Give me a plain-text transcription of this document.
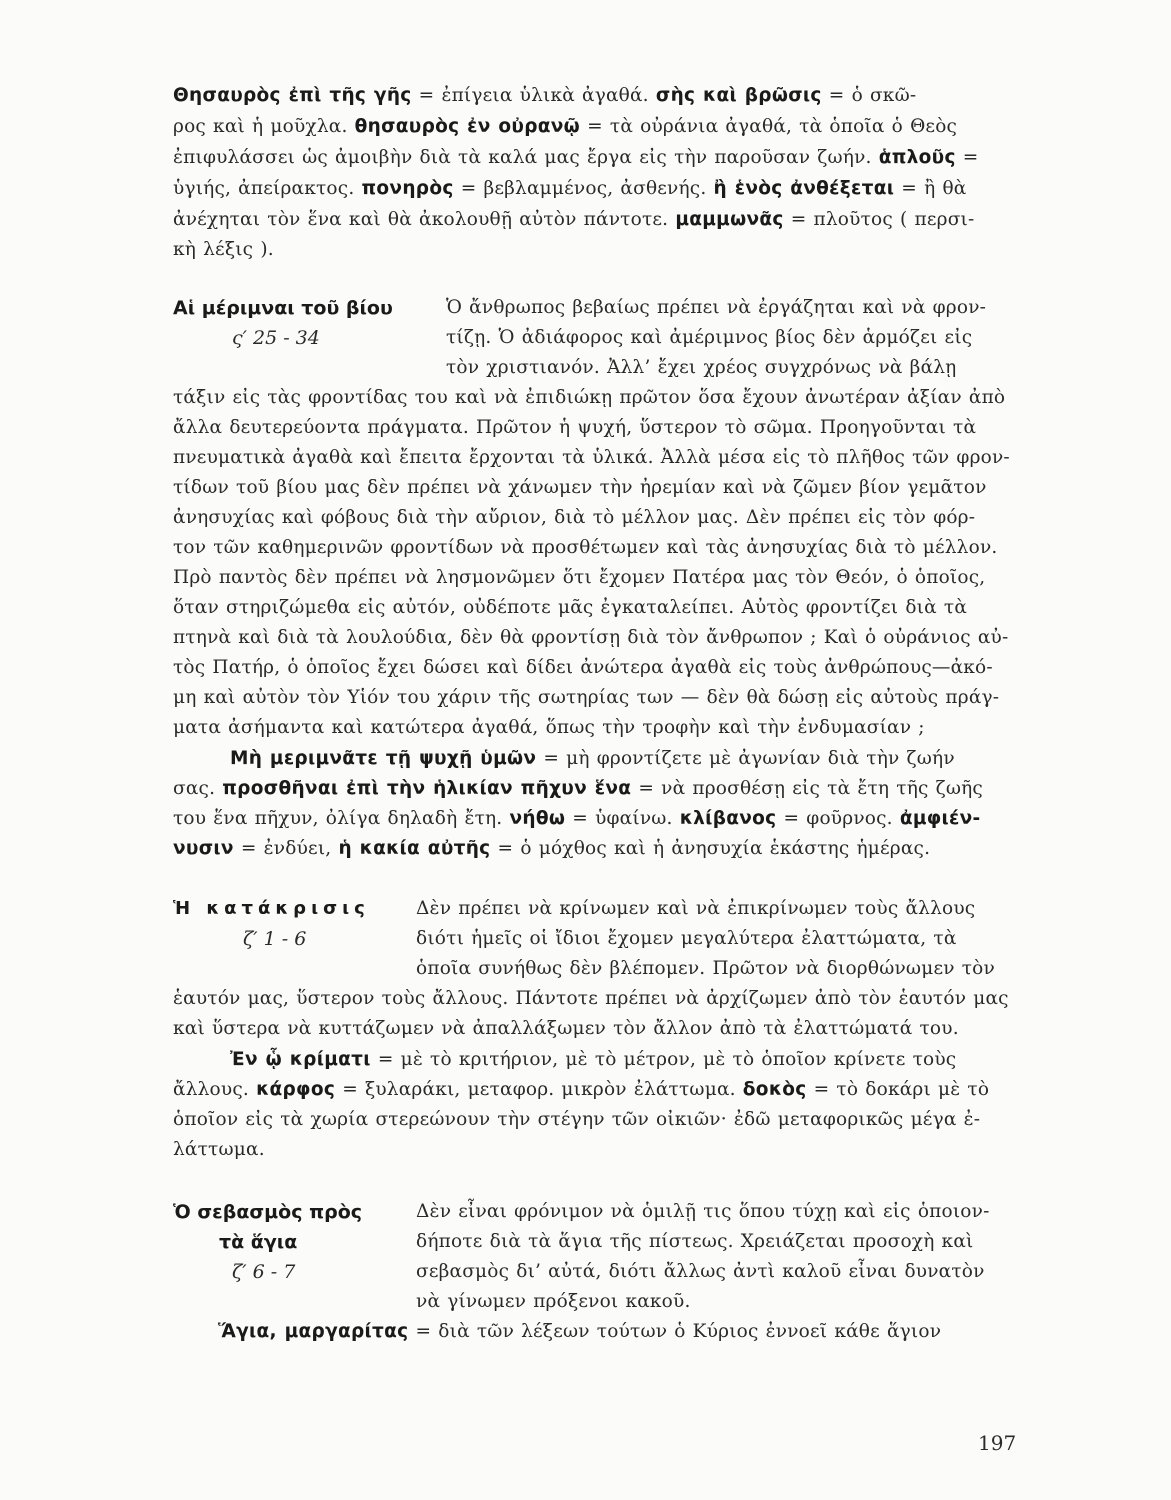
Θησαυρὸς ἐπὶ τῆς γῆς = ἐπίγεια ὑλικὰ ἀγαθά. σὴς καὶ βρῶσις = ὁ σκῶ-
ρος καὶ ἡ μοῦχλα. θησαυρὸς ἐν οὐρανῷ = τὰ οὐράνια ἀγαθά, τὰ ὁποῖα ὁ Θεὸς
ἐπιφυλάσσει ὡς ἀμοιβὴν διὰ τὰ καλά μας ἔργα εἰς τὴν παροῦσαν ζωήν. ἁπλοῦς =
ὑγιής, ἀπείρακτος. πονηρὸς = βεβλαμμένος, ἀσθενής. ἢ ἑνὸς ἀνθέξεται = ἢ θὰ
ἀνέχηται τὸν ἕνα καὶ θὰ ἀκολουθῇ αὐτὸν πάντοτε. μαμμωνᾶς = πλοῦτος ( περσι-
κὴ λέξις ).
Αἱ μέριμναι τοῦ βίου
ς′ 25 - 34
Ὁ ἄνθρωπος βεβαίως πρέπει νὰ ἐργάζηται καὶ νὰ φρον-
τίζῃ. Ὁ ἀδιάφορος καὶ ἀμέριμνος βίος δὲν ἁρμόζει εἰς
τὸν χριστιανόν. Ἀλλ’ ἔχει χρέος συγχρόνως νὰ βάλῃ
τάξιν εἰς τὰς φροντίδας του καὶ νὰ ἐπιδιώκῃ πρῶτον ὅσα ἔχουν ἀνωτέραν ἀξίαν ἀπὸ
ἄλλα δευτερεύοντα πράγματα. Πρῶτον ἡ ψυχή, ὕστερον τὸ σῶμα. Προηγοῦνται τὰ
πνευματικὰ ἀγαθὰ καὶ ἔπειτα ἔρχονται τὰ ὑλικά. Ἀλλὰ μέσα εἰς τὸ πλῆθος τῶν φρον-
τίδων τοῦ βίου μας δὲν πρέπει νὰ χάνωμεν τὴν ἠρεμίαν καὶ νὰ ζῶμεν βίον γεμᾶτον
ἀνησυχίας καὶ φόβους διὰ τὴν αὔριον, διὰ τὸ μέλλον μας. Δὲν πρέπει εἰς τὸν φόρ-
τον τῶν καθημερινῶν φροντίδων νὰ προσθέτωμεν καὶ τὰς ἀνησυχίας διὰ τὸ μέλλον.
Πρὸ παντὸς δὲν πρέπει νὰ λησμονῶμεν ὅτι ἔχομεν Πατέρα μας τὸν Θεόν, ὁ ὁποῖος,
ὅταν στηριζώμεθα εἰς αὐτόν, οὐδέποτε μᾶς ἐγκαταλείπει. Αὐτὸς φροντίζει διὰ τὰ
πτηνὰ καὶ διὰ τὰ λουλούδια, δὲν θὰ φροντίσῃ διὰ τὸν ἄνθρωπον ; Καὶ ὁ οὐράνιος αὐ-
τὸς Πατήρ, ὁ ὁποῖος ἔχει δώσει καὶ δίδει ἀνώτερα ἀγαθὰ εἰς τοὺς ἀνθρώπους—ἀκό-
μη καὶ αὐτὸν τὸν Υἱόν του χάριν τῆς σωτηρίας των — δὲν θὰ δώσῃ εἰς αὐτοὺς πράγ-
ματα ἀσήμαντα καὶ κατώτερα ἀγαθά, ὅπως τὴν τροφὴν καὶ τὴν ἐνδυμασίαν ;
Μὴ μεριμνᾶτε τῇ ψυχῇ ὑμῶν = μὴ φροντίζετε μὲ ἀγωνίαν διὰ τὴν ζωήν
σας. προσθῆναι ἐπὶ τὴν ἡλικίαν πῆχυν ἕνα = νὰ προσθέσῃ εἰς τὰ ἔτη τῆς ζωῆς
του ἕνα πῆχυν, ὀλίγα δηλαδὴ ἔτη. νήθω = ὑφαίνω. κλίβανος = φοῦρνος. ἀμφιέν-
νυσιν = ἐνδύει, ἡ κακία αὐτῆς = ὁ μόχθος καὶ ἡ ἀνησυχία ἑκάστης ἡμέρας.
Ἡ κατάκρισις
ζ′ 1 - 6
Δὲν πρέπει νὰ κρίνωμεν καὶ νὰ ἐπικρίνωμεν τοὺς ἄλλους
διότι ἡμεῖς οἱ ἴδιοι ἔχομεν μεγαλύτερα ἐλαττώματα, τὰ
ὁποῖα συνήθως δὲν βλέπομεν. Πρῶτον νὰ διορθώνωμεν τὸν
ἑαυτόν μας, ὕστερον τοὺς ἄλλους. Πάντοτε πρέπει νὰ ἀρχίζωμεν ἀπὸ τὸν ἑαυτόν μας
καὶ ὕστερα νὰ κυττάζωμεν νὰ ἀπαλλάξωμεν τὸν ἄλλον ἀπὸ τὰ ἐλαττώματά του.
Ἐν ᾧ κρίματι = μὲ τὸ κριτήριον, μὲ τὸ μέτρον, μὲ τὸ ὁποῖον κρίνετε τοὺς
ἄλλους. κάρφος = ξυλαράκι, μεταφορ. μικρὸν ἐλάττωμα. δοκὸς = τὸ δοκάρι μὲ τὸ
ὁποῖον εἰς τὰ χωρία στερεώνουν τὴν στέγην τῶν οἰκιῶν· ἐδῶ μεταφορικῶς μέγα ἐ-
λάττωμα.
Ὁ σεβασμὸς πρὸς
τὰ ἅγια
ζ′ 6 - 7
Δὲν εἶναι φρόνιμον νὰ ὁμιλῇ τις ὅπου τύχῃ καὶ εἰς ὁποιον-
δήποτε διὰ τὰ ἅγια τῆς πίστεως. Χρειάζεται προσοχὴ καὶ
σεβασμὸς δι’ αὐτά, διότι ἄλλως ἀντὶ καλοῦ εἶναι δυνατὸν
νὰ γίνωμεν πρόξενοι κακοῦ.
Ἅγια, μαργαρίτας = διὰ τῶν λέξεων τούτων ὁ Κύριος ἐννοεῖ κάθε ἅγιον
197
